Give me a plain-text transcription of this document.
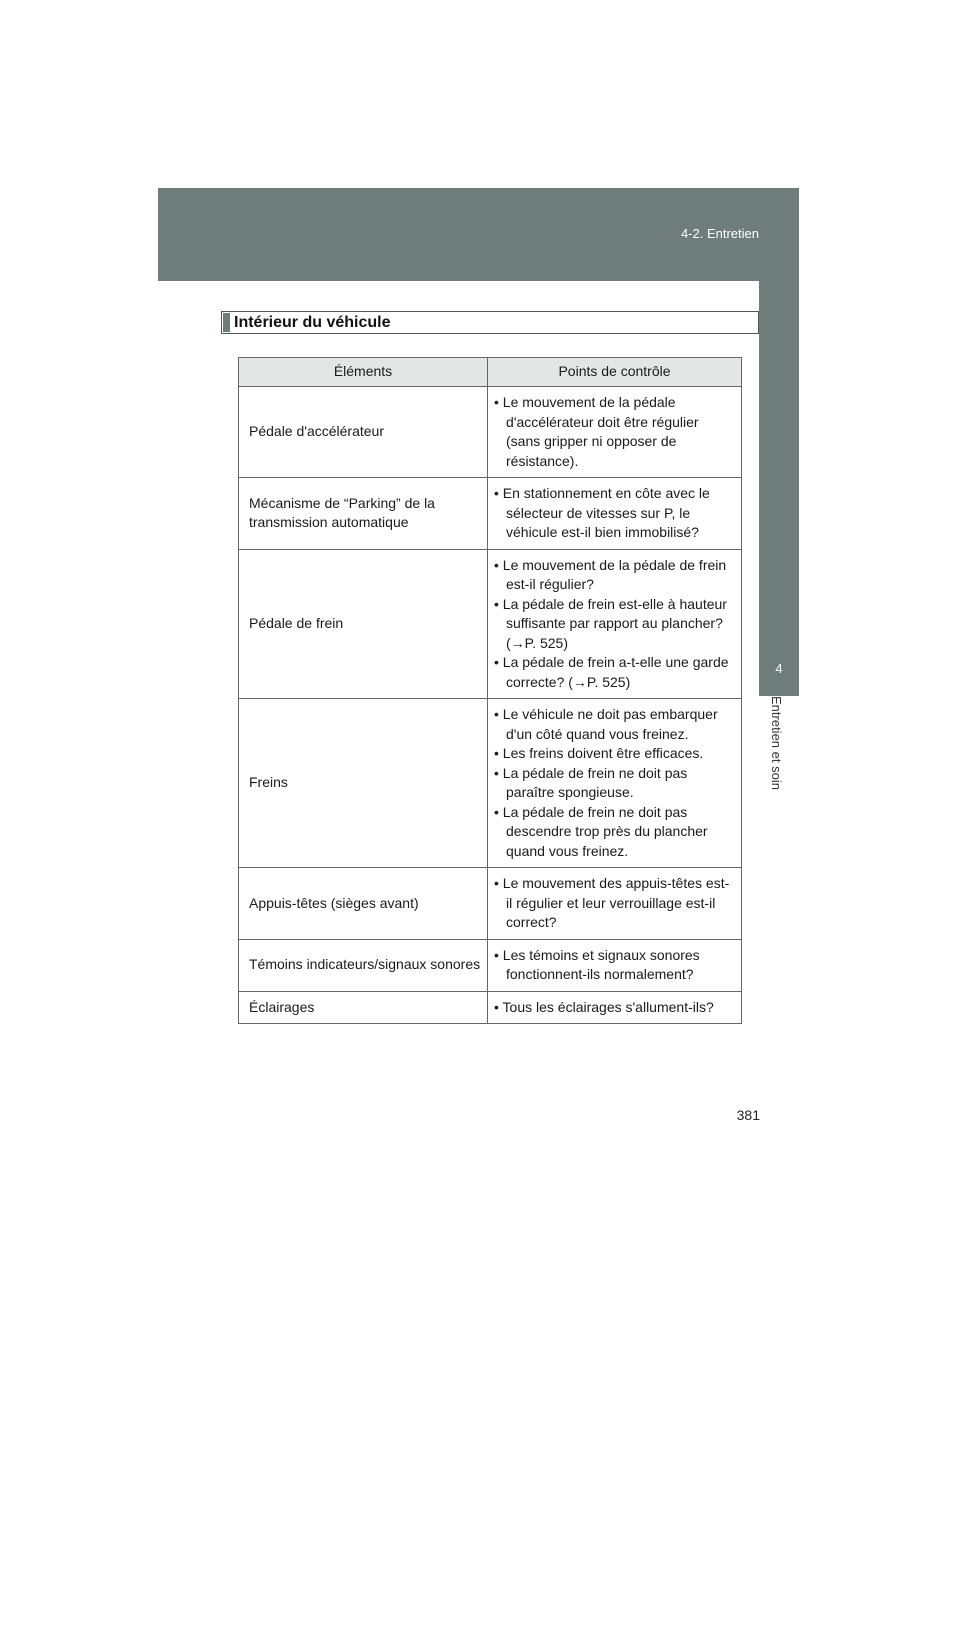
4-2. Entretien
4
Entretien et soin
Intérieur du véhicule
Éléments	Points de contrôle
Pédale d'accélérateur	• Le mouvement de la pédale d'accélérateur doit être régulier (sans gripper ni opposer de résistance).

Mécanisme de “Parking” de la transmission automatique	• En stationnement en côte avec le sélecteur de vitesses sur P, le véhicule est-il bien immobilisé?

Pédale de frein	• Le mouvement de la pédale de frein est-il régulier?
• La pédale de frein est-elle à hauteur suffisante par rapport au plancher? (→P. 525)
• La pédale de frein a-t-elle une garde correcte? (→P. 525)

Freins	• Le véhicule ne doit pas embarquer d'un côté quand vous freinez.
• Les freins doivent être efficaces.
• La pédale de frein ne doit pas paraître spongieuse.
• La pédale de frein ne doit pas descendre trop près du plancher quand vous freinez.

Appuis-têtes (sièges avant)	• Le mouvement des appuis-têtes est-il régulier et leur verrouillage est-il correct?

Témoins indicateurs/signaux sonores	• Les témoins et signaux sonores fonctionnent-ils normalement?

Éclairages	• Tous les éclairages s'allument-ils?
381
